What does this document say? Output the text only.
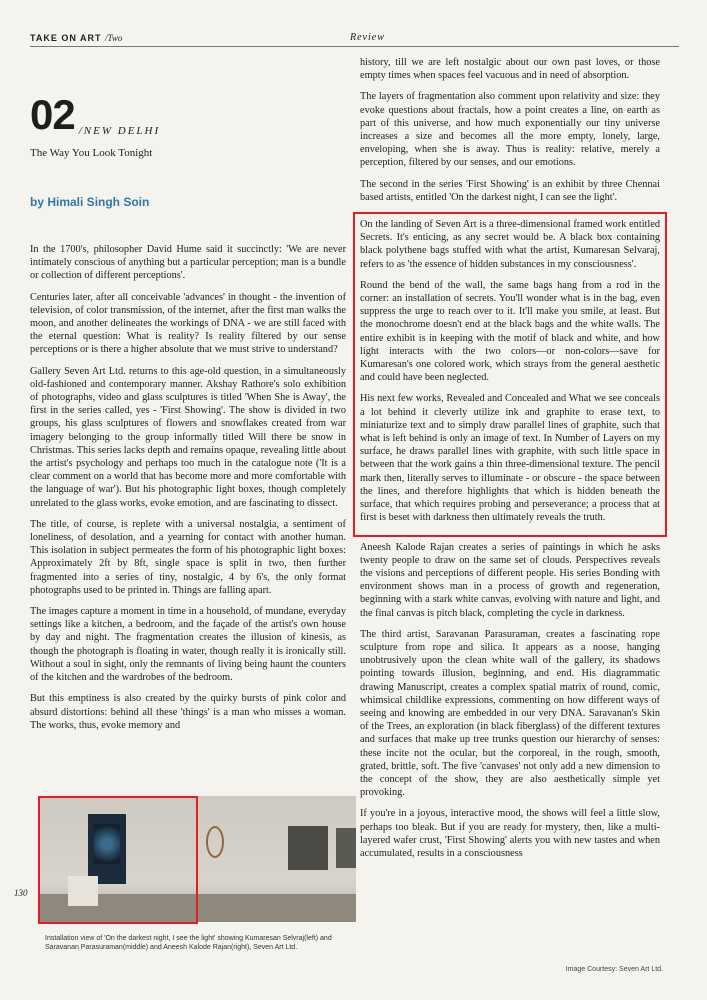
TAKE ON ART /Two	Review
02 /NEW DELHI
The Way You Look Tonight
by Himali Singh Soin

In the 1700's, philosopher David Hume said it succinctly: 'We are never intimately conscious of anything but a particular perception; man is a bundle or collection of different perceptions'.

Centuries later, after all conceivable 'advances' in thought - the invention of television, of color transmission, of the internet, after the first man walks the moon, and another delineates the workings of DNA - we are still faced with the eternal question: What is reality? Is reality filtered by our sense perceptions or is there a higher absolute that we must strive to understand?

Gallery Seven Art Ltd. returns to this age-old question, in a simultaneously old-fashioned and contemporary manner. Akshay Rathore's solo exhibition of photographs, video and glass sculptures is titled 'When She is Away', the first in the series called, yes - 'First Showing'. The show is divided in two groups, his glass sculptures of flowers and snowflakes created from war imagery belonging to the group informally titled Will there be snow in Christmas. This series lacks depth and remains opaque, revealing little about the artist's psychology and perhaps too much in the catalogue note ('It is a clear comment on a world that has become more and more comfortable with the language of war'). But his photographic light boxes, though completely unrelated to the glass works, evoke emotion, and are fascinating to dissect.

The title, of course, is replete with a universal nostalgia, a sentiment of loneliness, of desolation, and a yearning for contact with another human. This isolation in subject permeates the form of his photographic light boxes: Approximately 2ft by 8ft, single space is split in two, then further fragmented into a series of tiny, nostalgic, 4 by 6's, the only format photographs used to be printed in. Things are falling apart.

The images capture a moment in time in a household, of mundane, everyday settings like a kitchen, a bedroom, and the façade of the artist's own house by day and night. The fragmentation creates the illusion of kinesis, as though the photograph is floating in water, though really it is ironically still. Without a soul in sight, only the remnants of living being haunt the counters of the kitchen and the wardrobes of the bedroom.

But this emptiness is also created by the quirky bursts of pink color and absurd distortions: behind all these 'things' is a man who misses a woman. The works, thus, evoke memory and

history, till we are left nostalgic about our own past loves, or those empty times when spaces feel vacuous and in need of absorption.

The layers of fragmentation also comment upon relativity and size: they evoke questions about fractals, how a point creates a line, on earth as part of this universe, and how much exponentially our tiny universe increases a size and becomes all the more empty, lonely, large, enveloping, when she is away. Thus is reality: relative, merely a perception, filtered by our senses, and our emotions.

The second in the series 'First Showing' is an exhibit by three Chennai based artists, entitled 'On the darkest night, I can see the light'.

On the landing of Seven Art is a three-dimensional framed work entitled Secrets. It's enticing, as any secret would be. A black box containing black polythene bags stuffed with what the artist, Kumaresan Selvaraj, refers to as 'the essence of hidden substances in my consciousness'.

Round the bend of the wall, the same bags hang from a rod in the corner: an installation of secrets. You'll wonder what is in the bag, even suppress the urge to reach over to it. It'll make you smile, at least. But the monochrome doesn't end at the black bags and the white walls. The entire exhibit is in keeping with the motif of black and white, and how light interacts with the two colors—or non-colors—save for Kumaresan's one colored work, which strays from the general aesthetic and could have been neglected.

His next few works, Revealed and Concealed and What we see conceals a lot behind it cleverly utilize ink and graphite to erase text, to miniaturize text and to simply draw parallel lines of graphite, such that what is left behind is only an image of text. In Number of Layers on my surface, he draws parallel lines with graphite, with such little space in between that the work gains a thin three-dimensional texture. The pencil mark then, literally serves to illuminate - or obscure - the space between the lines, and therefore highlights that which is hidden beneath the surface, that which requires probing and perseverance; a process that at first is beset with darkness then ultimately reveals the truth.

Aneesh Kalode Rajan creates a series of paintings in which he asks twenty people to draw on the same set of clouds. Perspectives reveals the visions and perceptions of different people. His series Bonding with environment shows man in a process of growth and regeneration, beginning with a stark white canvas, evolving with nature and light, and the final canvas is pitch black, completing the cycle in darkness.

The third artist, Saravanan Parasuraman, creates a fascinating rope sculpture from rope and silica. It appears as a noose, hanging unobtrusively upon the clean white wall of the gallery, its shadows pointing towards illusion, beginning, and end. His diagrammatic drawing Manuscript, creates a complex spatial matrix of round, comic, whimsical childlike expressions, commenting on how different ways of seeing and knowing are embedded in our very DNA. Saravanan's Skin of the Trees, an exploration (in black fiberglass) of the different textures and surfaces that make up tree trunks question our hierarchy of senses: these incite not the ocular, but the corporeal, in the rough, smooth, grated, brittle, soft. The five 'canvases' not only add a new dimension to the concept of the show, they are also aesthetically simple yet provoking.

If you're in a joyous, interactive mood, the shows will feel a little slow, perhaps too bleak. But if you are ready for mystery, then, like a multi-layered wafer crust, 'First Showing' alerts you with new tastes and when accumulated, results in a consciousness

130
Installation view of 'On the darkest night, I see the light' showing Kumaresan Selvraj(left) and Saravanan Parasuraman(middle) and Aneesh Kalode Rajan(right), Seven Art Ltd.
Image Courtesy: Seven Art Ltd.
